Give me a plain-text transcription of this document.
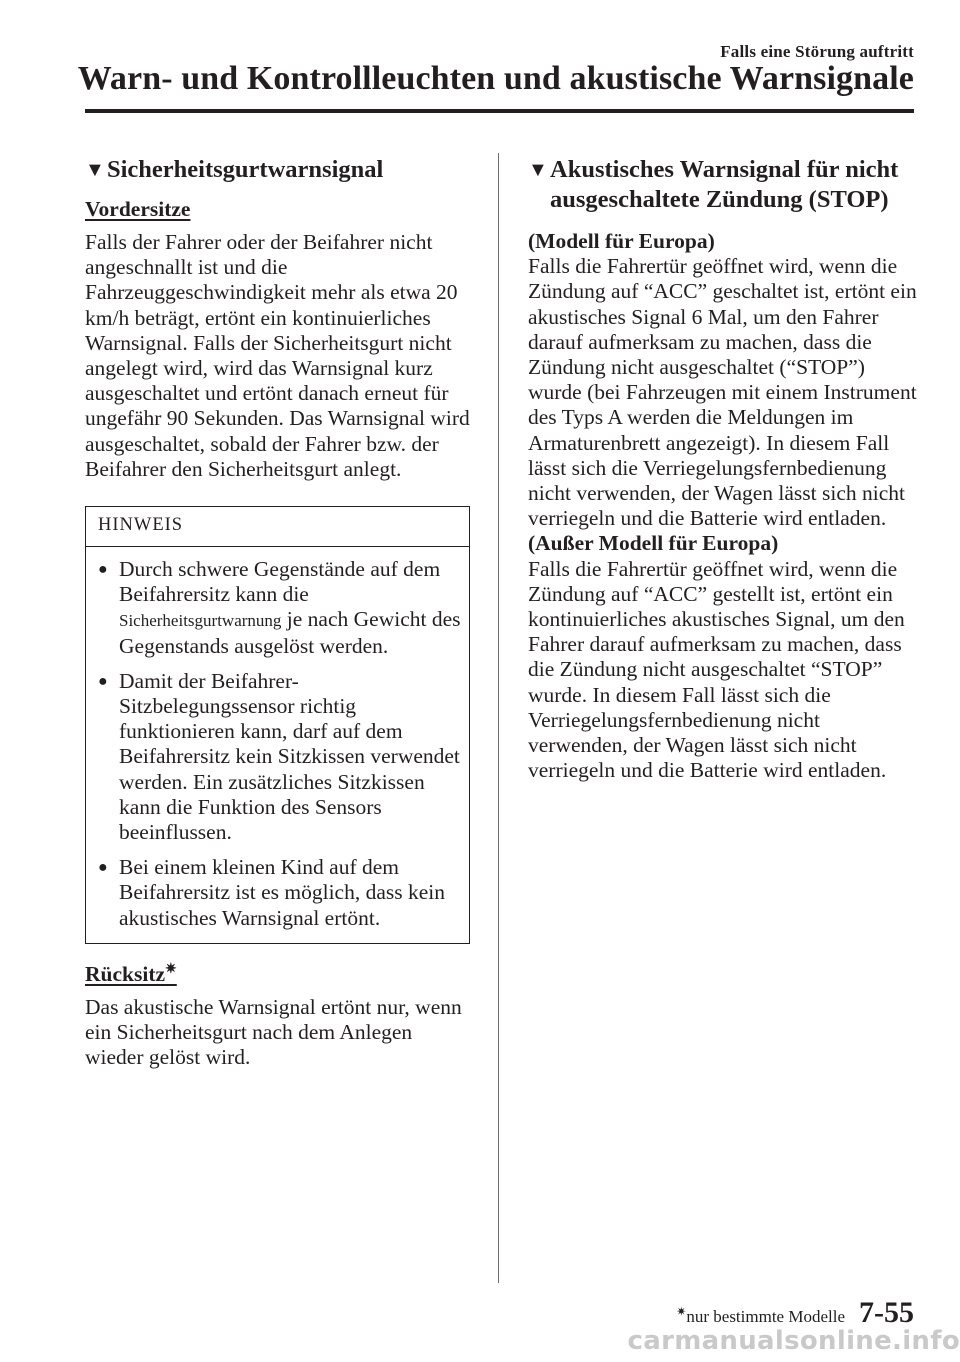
Falls eine Störung auftritt
Warn- und Kontrollleuchten und akustische Warnsignale
▼ Sicherheitsgurtwarnsignal
Vordersitze

Falls der Fahrer oder der Beifahrer nicht angeschnallt ist und die Fahrzeuggeschwindigkeit mehr als etwa 20 km/h beträgt, ertönt ein kontinuierliches Warnsignal. Falls der Sicherheitsgurt nicht angelegt wird, wird das Warnsignal kurz ausgeschaltet und ertönt danach erneut für ungefähr 90 Sekunden. Das Warnsignal wird ausgeschaltet, sobald der Fahrer bzw. der Beifahrer den Sicherheitsgurt anlegt.

HINWEIS
● Durch schwere Gegenstände auf dem Beifahrersitz kann die Sicherheitsgurtwarnung je nach Gewicht des Gegenstands ausgelöst werden.
● Damit der Beifahrer-Sitzbelegungssensor richtig funktionieren kann, darf auf dem Beifahrersitz kein Sitzkissen verwendet werden. Ein zusätzliches Sitzkissen kann die Funktion des Sensors beeinflussen.
● Bei einem kleinen Kind auf dem Beifahrersitz ist es möglich, dass kein akustisches Warnsignal ertönt.
Rücksitz✷

Das akustische Warnsignal ertönt nur, wenn ein Sicherheitsgurt nach dem Anlegen wieder gelöst wird.

▼ Akustisches Warnsignal für nicht ausgeschaltete Zündung (STOP)
(Modell für Europa)

Falls die Fahrertür geöffnet wird, wenn die Zündung auf “ACC” geschaltet ist, ertönt ein akustisches Signal 6 Mal, um den Fahrer darauf aufmerksam zu machen, dass die Zündung nicht ausgeschaltet (“STOP”) wurde (bei Fahrzeugen mit einem Instrument des Typs A werden die Meldungen im Armaturenbrett angezeigt). In diesem Fall lässt sich die Verriegelungsfernbedienung nicht verwenden, der Wagen lässt sich nicht verriegeln und die Batterie wird entladen.

(Außer Modell für Europa)

Falls die Fahrertür geöffnet wird, wenn die Zündung auf “ACC” gestellt ist, ertönt ein kontinuierliches akustisches Signal, um den Fahrer darauf aufmerksam zu machen, dass die Zündung nicht ausgeschaltet “STOP” wurde. In diesem Fall lässt sich die Verriegelungsfernbedienung nicht verwenden, der Wagen lässt sich nicht verriegeln und die Batterie wird entladen.

✷nur bestimmte Modelle 7-55
carmanualsonline.info
